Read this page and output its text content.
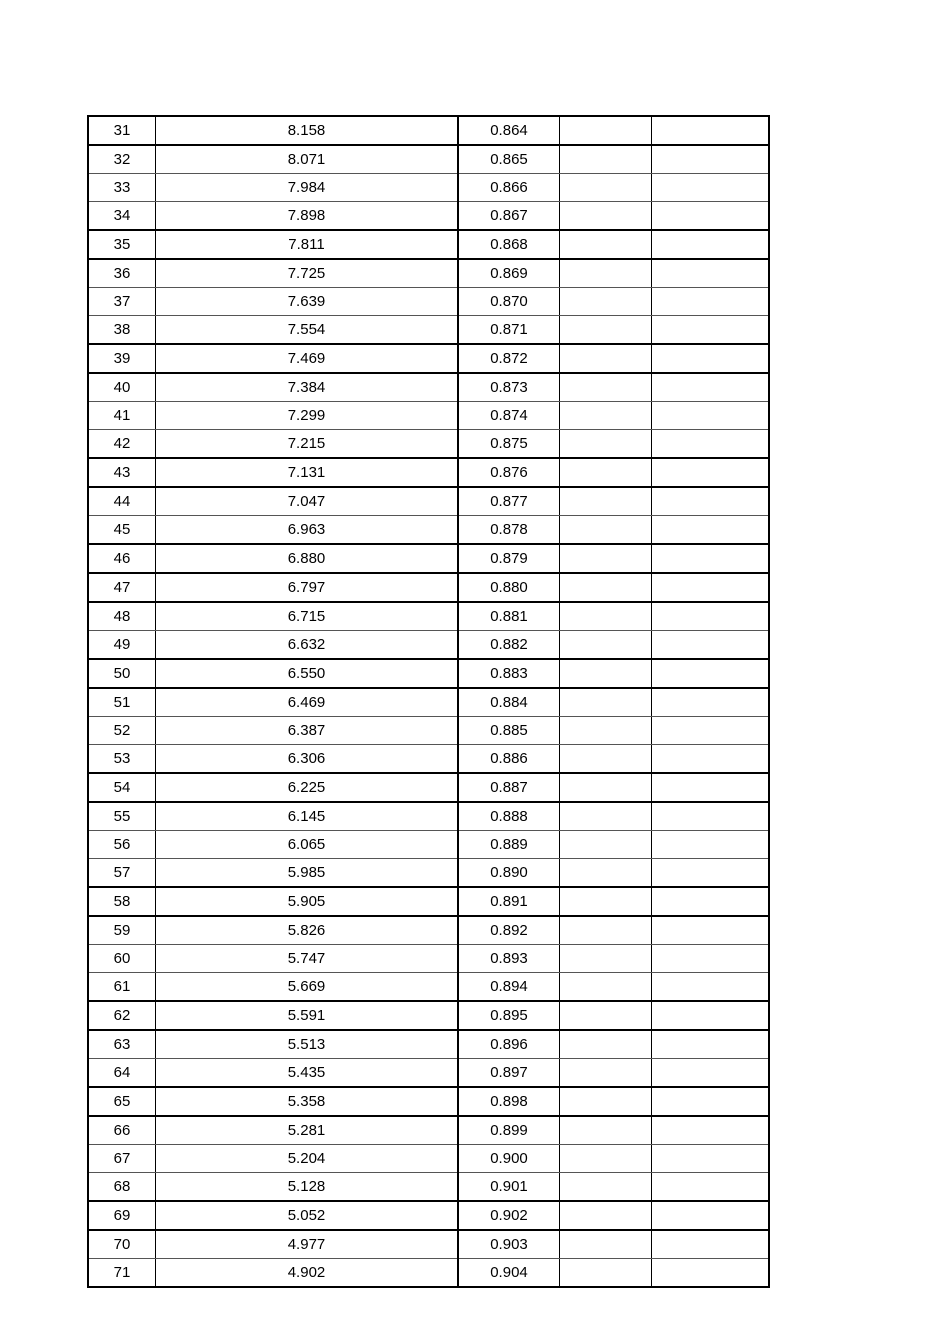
31	8.158	0.864		
32	8.071	0.865		
33	7.984	0.866		
34	7.898	0.867		
35	7.811	0.868		
36	7.725	0.869		
37	7.639	0.870		
38	7.554	0.871		
39	7.469	0.872		
40	7.384	0.873		
41	7.299	0.874		
42	7.215	0.875		
43	7.131	0.876		
44	7.047	0.877		
45	6.963	0.878		
46	6.880	0.879		
47	6.797	0.880		
48	6.715	0.881		
49	6.632	0.882		
50	6.550	0.883		
51	6.469	0.884		
52	6.387	0.885		
53	6.306	0.886		
54	6.225	0.887		
55	6.145	0.888		
56	6.065	0.889		
57	5.985	0.890		
58	5.905	0.891		
59	5.826	0.892		
60	5.747	0.893		
61	5.669	0.894		
62	5.591	0.895		
63	5.513	0.896		
64	5.435	0.897		
65	5.358	0.898		
66	5.281	0.899		
67	5.204	0.900		
68	5.128	0.901		
69	5.052	0.902		
70	4.977	0.903		
71	4.902	0.904		
